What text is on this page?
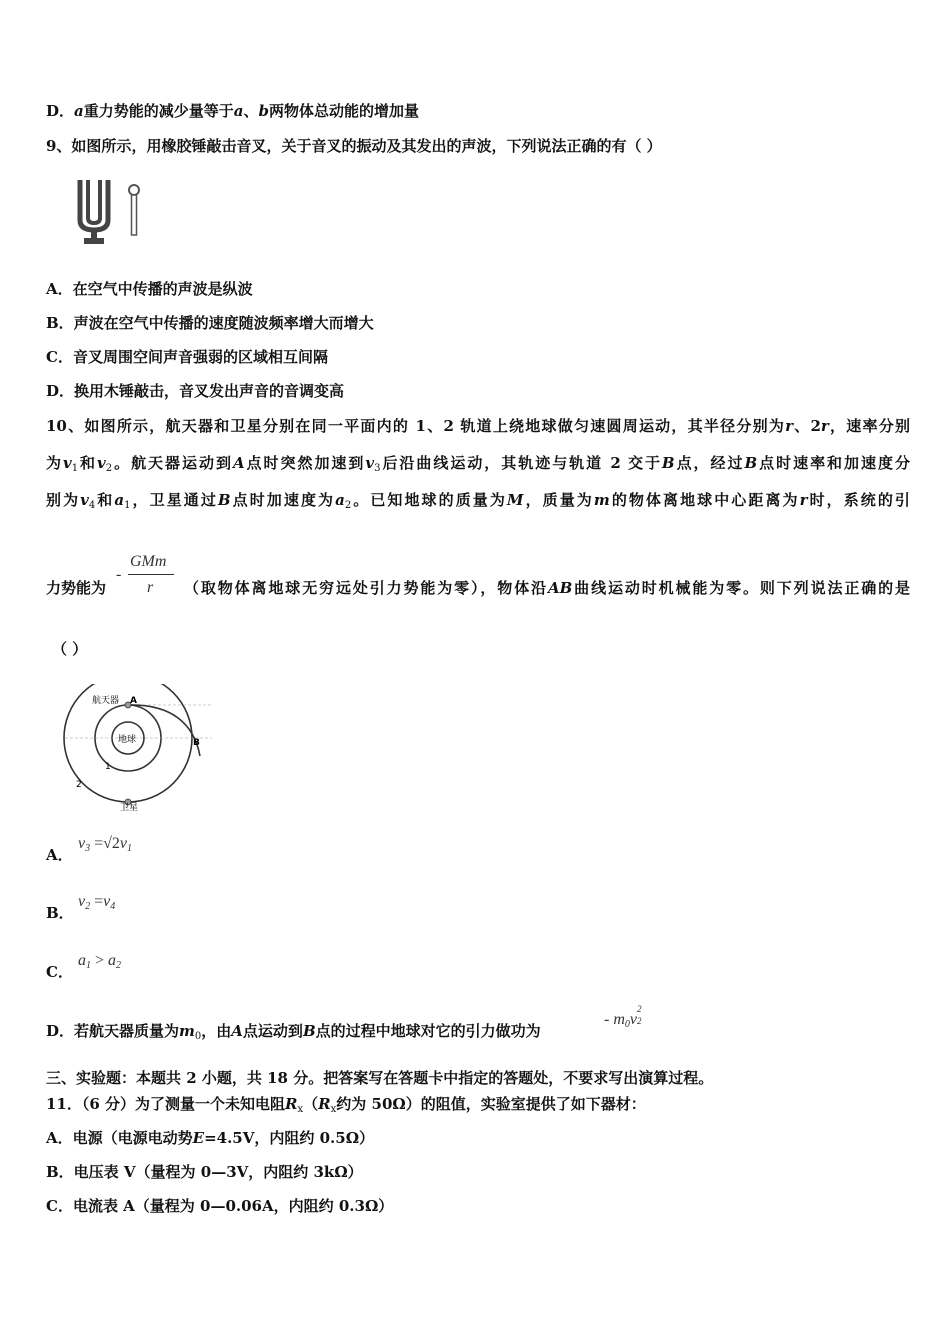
D．a重力势能的减少量等于a、b两物体总动能的增加量
9、如图所示，用橡胶锤敲击音叉，关于音叉的振动及其发出的声波，下列说法正确的有（ ）
A．在空气中传播的声波是纵波
B．声波在空气中传播的速度随波频率增大而增大
C．音叉周围空间声音强弱的区域相互间隔
D．换用木锤敲击，音叉发出声音的音调变高
10、如图所示，航天器和卫星分别在同一平面内的 1、2 轨道上绕地球做匀速圆周运动，其半径分别为r、2r，速率分别
为$v_1$和$v_2$。航天器运动到A点时突然加速到$v_3$后沿曲线运动，其轨迹与轨道 2 交于B点，经过B点时速率和加速度分
别为$v_4$和$a_1$，卫星通过B点时加速度为$a_2$。已知地球的质量为M，质量为m的物体离地球中心距离为r时，系统的引
-
GMm
r
力势能为	（取物体离地球无穷远处引力势能为零），物体沿AB曲线运动时机械能为零。则下列说法正确的是
（ ）
航天器 A
B
地球
1
2
卫星
A．
$v_3 =√2v_1$
B．
$v_2 =v_4$
C．
$a_1 > a_2$
D．若航天器质量为$m_0$，由A点运动到B点的过程中地球对它的引力做功为
- $m_0v$
2
2
三、实验题：本题共 2 小题，共 18 分。把答案写在答题卡中指定的答题处，不要求写出演算过程。
11．（6 分）为了测量一个未知电阻$R_x(R_x$约为 50Ω）的阻值，实验室提供了如下器材：
A．电源（电源电动势E=4.5V，内阻约 0.5Ω）
B．电压表 V（量程为 0—3V，内阻约 3kΩ）
C．电流表 A（量程为 0—0.06A，内阻约 0.3Ω）
